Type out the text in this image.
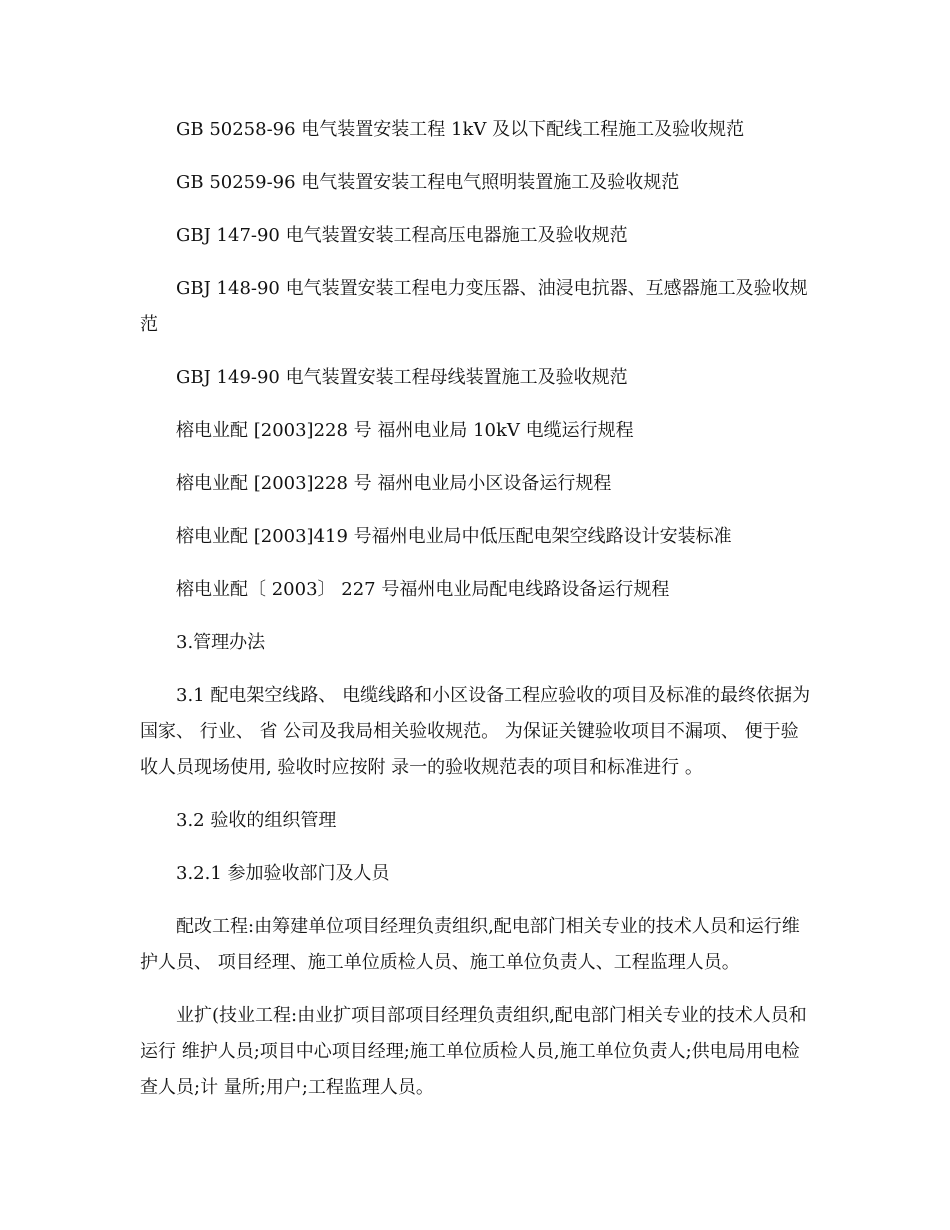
GB 50258-96 电气装置安装工程 1kV 及以下配线工程施工及验收规范

GB 50259-96 电气装置安装工程电气照明装置施工及验收规范

GBJ 147-90 电气装置安装工程高压电器施工及验收规范

GBJ 148-90 电气装置安装工程电力变压器、油浸电抗器、互感器施工及验收规范

GBJ 149-90 电气装置安装工程母线装置施工及验收规范

榕电业配 [2003]228 号 福州电业局 10kV 电缆运行规程

榕电业配 [2003]228 号 福州电业局小区设备运行规程

榕电业配 [2003]419 号福州电业局中低压配电架空线路设计安装标准

榕电业配〔 2003〕 227 号福州电业局配电线路设备运行规程

3.管理办法

3.1 配电架空线路、 电缆线路和小区设备工程应验收的项目及标准的最终依据为国家、 行业、 省 公司及我局相关验收规范。 为保证关键验收项目不漏项、 便于验收人员现场使用, 验收时应按附 录一的验收规范表的项目和标准进行 。

3.2 验收的组织管理

3.2.1 参加验收部门及人员

配改工程:由筹建单位项目经理负责组织,配电部门相关专业的技术人员和运行维护人员、 项目经理、施工单位质检人员、施工单位负责人、工程监理人员。

业扩(技业工程:由业扩项目部项目经理负责组织,配电部门相关专业的技术人员和运行 维护人员;项目中心项目经理;施工单位质检人员,施工单位负责人;供电局用电检查人员;计 量所;用户;工程监理人员。
